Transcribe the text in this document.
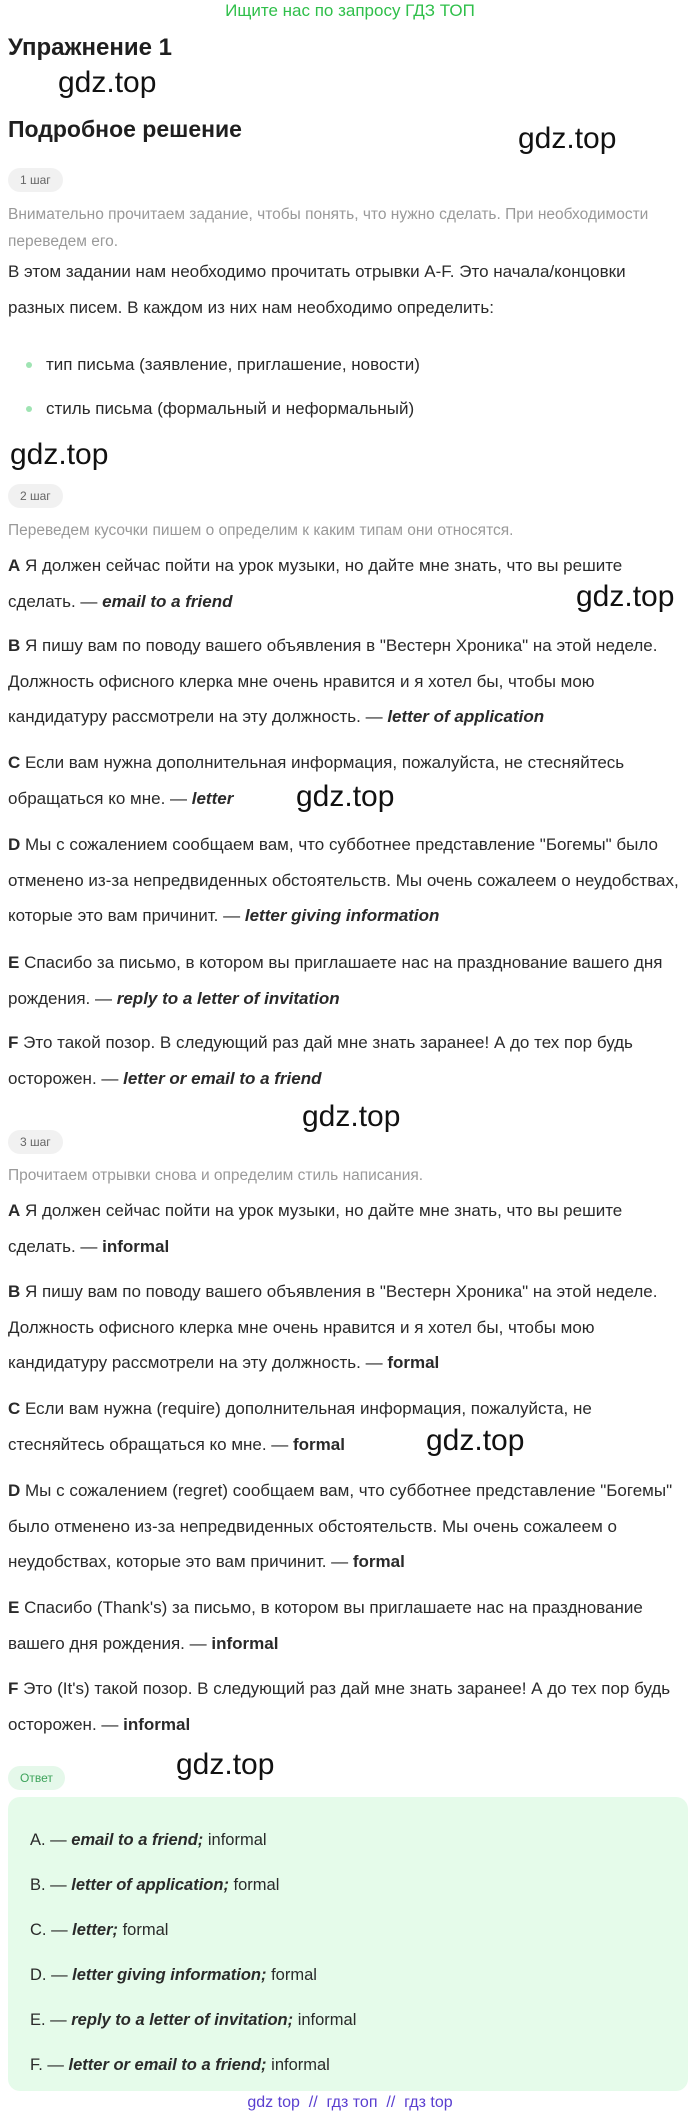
Ищите нас по запросу ГДЗ ТОП
Упражнение 1
Подробное решение
gdz.top
gdz.top
gdz.top
gdz.top
gdz.top
gdz.top
gdz.top
gdz.top
1 шаг
Внимательно прочитаем задание, чтобы понять, что нужно сделать. При необходимости переведем его.
В этом задании нам необходимо прочитать отрывки A-F. Это начала/концовки разных писем. В каждом из них нам необходимо определить:
тип письма (заявление, приглашение, новости)
стиль письма (формальный и неформальный)
2 шаг
Переведем кусочки пишем о определим к каким типам они относятся.
A Я должен сейчас пойти на урок музыки, но дайте мне знать, что вы решите сделать. — email to a friend
B Я пишу вам по поводу вашего объявления в "Вестерн Хроника" на этой неделе. Должность офисного клерка мне очень нравится и я хотел бы, чтобы мою кандидатуру рассмотрели на эту должность. — letter of application
C Если вам нужна дополнительная информация, пожалуйста, не стесняйтесь обращаться ко мне. — letter
D Мы с сожалением сообщаем вам, что субботнее представление "Богемы" было отменено из-за непредвиденных обстоятельств. Мы очень сожалеем о неудобствах, которые это вам причинит. — letter giving information
E Спасибо за письмо, в котором вы приглашаете нас на празднование вашего дня рождения. — reply to a letter of invitation
F Это такой позор. В следующий раз дай мне знать заранее! А до тех пор будь осторожен. — letter or email to a friend
3 шаг
Прочитаем отрывки снова и определим стиль написания.
A Я должен сейчас пойти на урок музыки, но дайте мне знать, что вы решите сделать. — informal
B Я пишу вам по поводу вашего объявления в "Вестерн Хроника" на этой неделе. Должность офисного клерка мне очень нравится и я хотел бы, чтобы мою кандидатуру рассмотрели на эту должность. — formal
C Если вам нужна (require) дополнительная информация, пожалуйста, не стесняйтесь обращаться ко мне. — formal
D Мы с сожалением (regret) сообщаем вам, что субботнее представление "Богемы" было отменено из-за непредвиденных обстоятельств. Мы очень сожалеем о неудобствах, которые это вам причинит. — formal
E Спасибо (Thank's) за письмо, в котором вы приглашаете нас на празднование вашего дня рождения. — informal
F Это (It's) такой позор. В следующий раз дай мне знать заранее! А до тех пор будь осторожен. — informal
Ответ
A. — email to a friend; informal
B. — letter of application; formal
C. — letter; formal
D. — letter giving information; formal
E. — reply to a letter of invitation; informal
F. — letter or email to a friend; informal
gdz top  //  гдз топ  //  гдз top
